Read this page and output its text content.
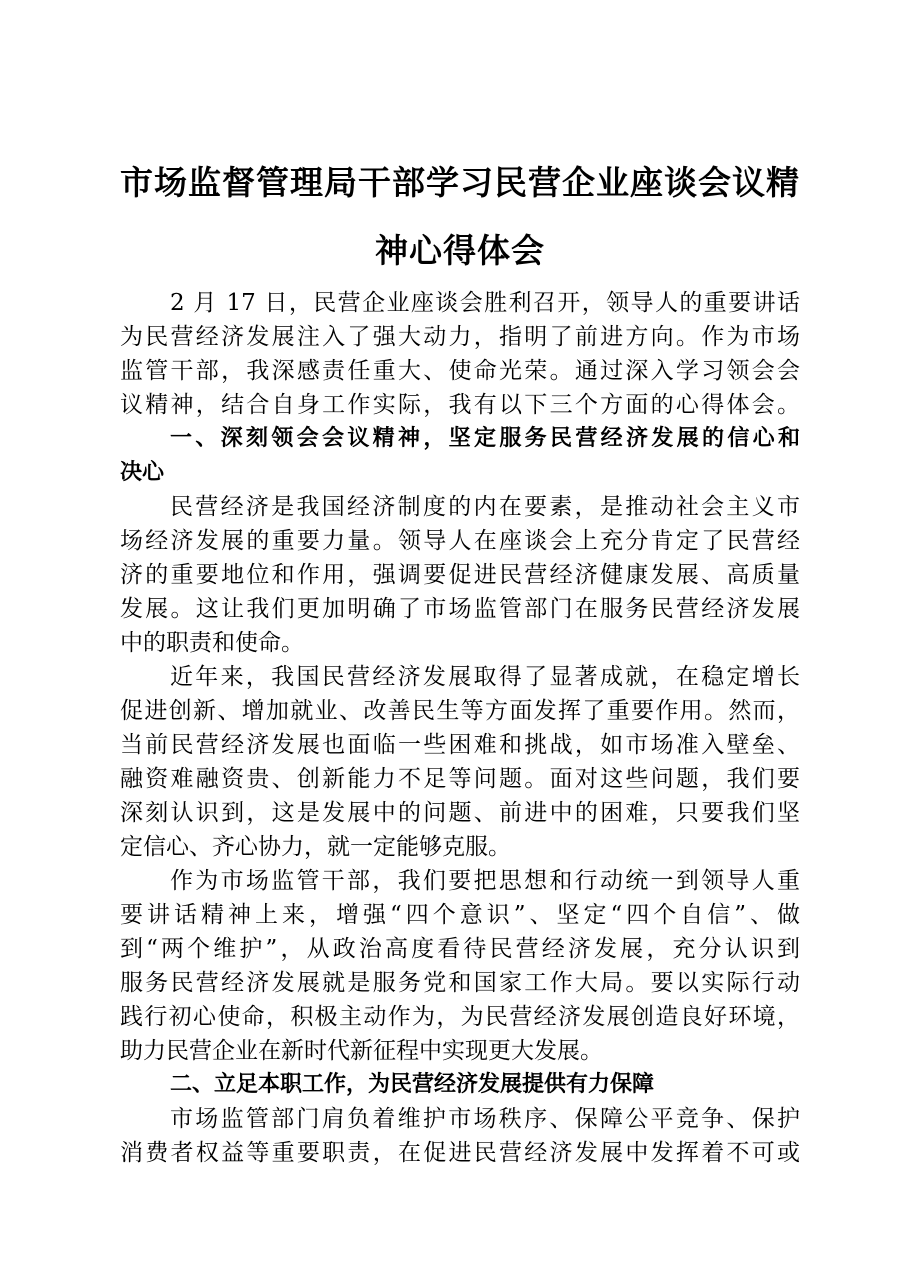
市场监督管理局干部学习民营企业座谈会议精
神心得体会
2 月 17 日，民营企业座谈会胜利召开，领导人的重要讲话
为民营经济发展注入了强大动力，指明了前进方向。作为市场
监管干部，我深感责任重大、使命光荣。通过深入学习领会会
议精神，结合自身工作实际，我有以下三个方面的心得体会。
一、深刻领会会议精神，坚定服务民营经济发展的信心和
决心
民营经济是我国经济制度的内在要素，是推动社会主义市
场经济发展的重要力量。领导人在座谈会上充分肯定了民营经
济的重要地位和作用，强调要促进民营经济健康发展、高质量
发展。这让我们更加明确了市场监管部门在服务民营经济发展
中的职责和使命。
近年来，我国民营经济发展取得了显著成就，在稳定增长
促进创新、增加就业、改善民生等方面发挥了重要作用。然而，
当前民营经济发展也面临一些困难和挑战，如市场准入壁垒、
融资难融资贵、创新能力不足等问题。面对这些问题，我们要
深刻认识到，这是发展中的问题、前进中的困难，只要我们坚
定信心、齐心协力，就一定能够克服。
作为市场监管干部，我们要把思想和行动统一到领导人重
要讲话精神上来，增强“四个意识”、坚定“四个自信”、做
到“两个维护”，从政治高度看待民营经济发展，充分认识到
服务民营经济发展就是服务党和国家工作大局。要以实际行动
践行初心使命，积极主动作为，为民营经济发展创造良好环境，
助力民营企业在新时代新征程中实现更大发展。
二、立足本职工作，为民营经济发展提供有力保障
市场监管部门肩负着维护市场秩序、保障公平竞争、保护
消费者权益等重要职责，在促进民营经济发展中发挥着不可或
